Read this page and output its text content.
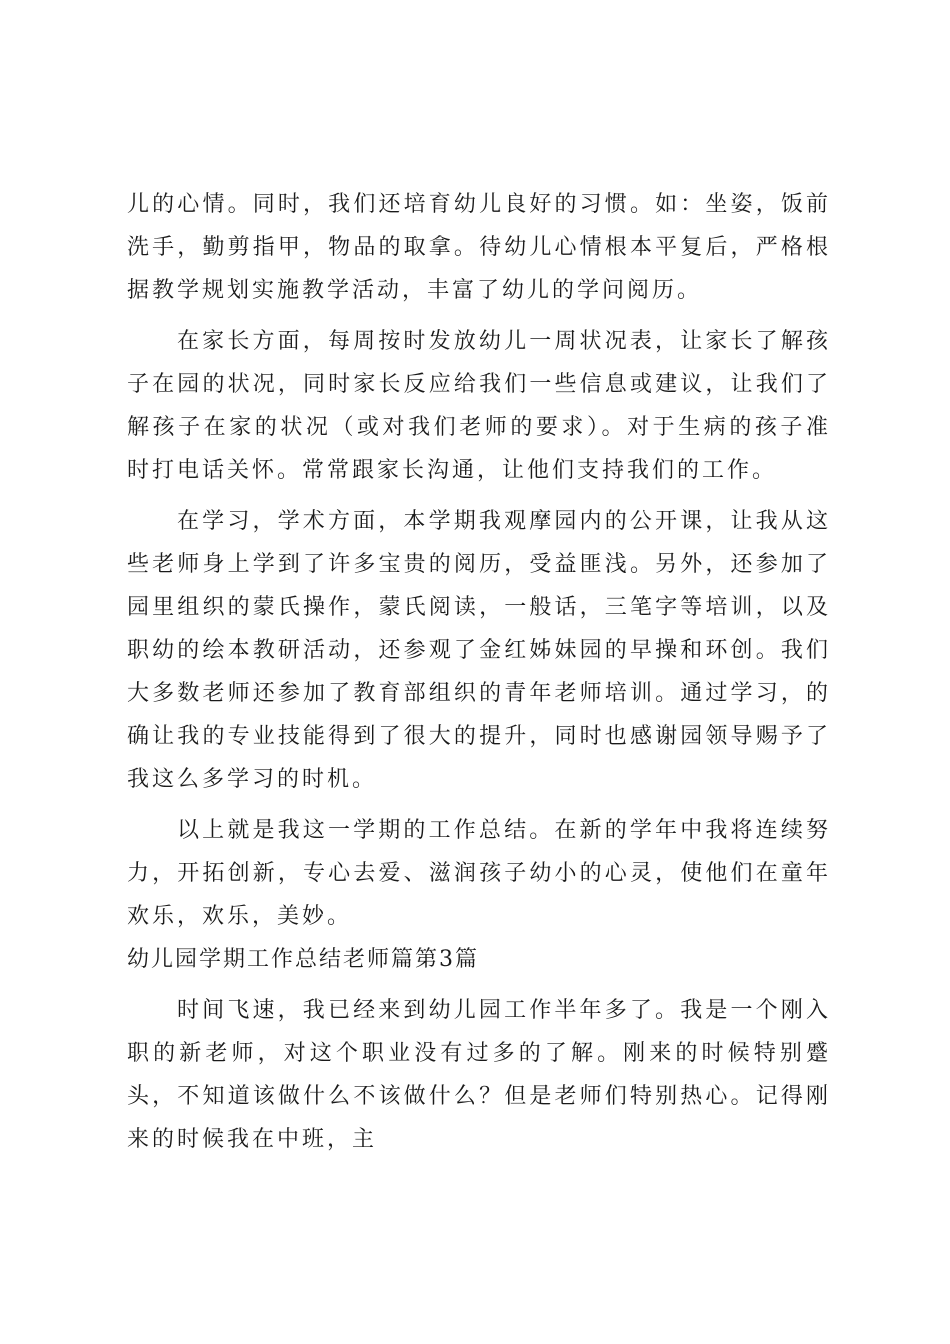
儿的心情。同时，我们还培育幼儿良好的习惯。如：坐姿，饭前洗手，勤剪指甲，物品的取拿。待幼儿心情根本平复后，严格根据教学规划实施教学活动，丰富了幼儿的学问阅历。

在家长方面，每周按时发放幼儿一周状况表，让家长了解孩子在园的状况，同时家长反应给我们一些信息或建议，让我们了解孩子在家的状况（或对我们老师的要求）。对于生病的孩子准时打电话关怀。常常跟家长沟通，让他们支持我们的工作。

在学习，学术方面，本学期我观摩园内的公开课，让我从这些老师身上学到了许多宝贵的阅历，受益匪浅。另外，还参加了园里组织的蒙氏操作，蒙氏阅读，一般话，三笔字等培训，以及职幼的绘本教研活动，还参观了金红姊妹园的早操和环创。我们大多数老师还参加了教育部组织的青年老师培训。通过学习，的确让我的专业技能得到了很大的提升，同时也感谢园领导赐予了我这么多学习的时机。

以上就是我这一学期的工作总结。在新的学年中我将连续努力，开拓创新，专心去爱、滋润孩子幼小的心灵，使他们在童年欢乐，欢乐，美妙。

幼儿园学期工作总结老师篇第3篇

时间飞速，我已经来到幼儿园工作半年多了。我是一个刚入职的新老师，对这个职业没有过多的了解。刚来的时候特别蹙头，不知道该做什么不该做什么？但是老师们特别热心。记得刚来的时候我在中班，主
